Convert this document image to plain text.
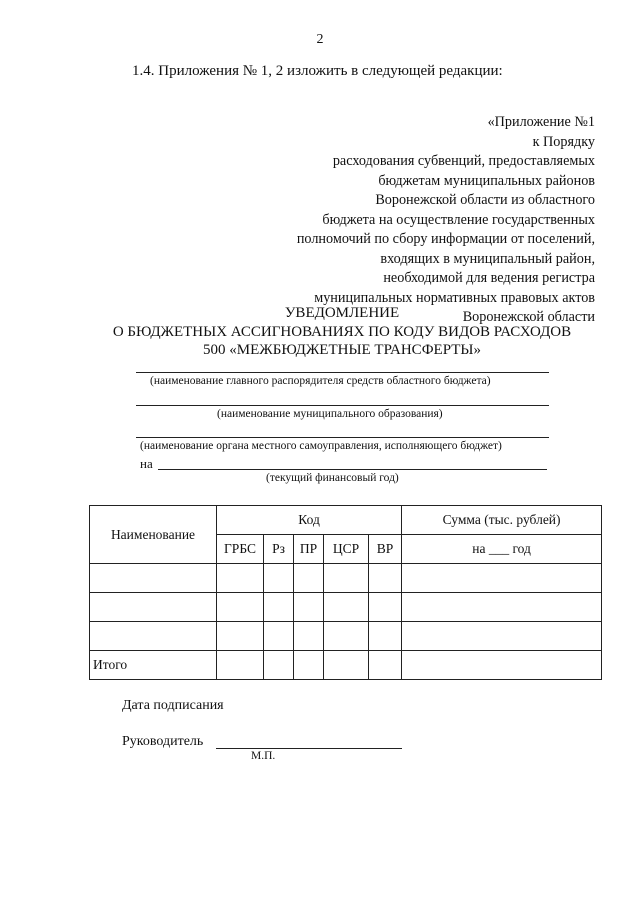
2
1.4. Приложения № 1, 2 изложить в следующей редакции:
«Приложение №1
к Порядку
расходования субвенций, предоставляемых
бюджетам муниципальных районов
Воронежской области из областного
бюджета на осуществление государственных
полномочий по сбору информации от поселений,
входящих в муниципальный район,
необходимой для ведения регистра
муниципальных нормативных правовых актов
Воронежской области
УВЕДОМЛЕНИЕ
О БЮДЖЕТНЫХ АССИГНОВАНИЯХ ПО КОДУ ВИДОВ РАСХОДОВ
500 «МЕЖБЮДЖЕТНЫЕ ТРАНСФЕРТЫ»
(наименование главного распорядителя средств областного бюджета)
(наименование муниципального образования)
(наименование органа местного самоуправления, исполняющего бюджет)
на
(текущий финансовый год)
Наименование	Код					Сумма (тыс. рублей)
	ГРБС	Рз	ПР	ЦСР	ВР	на ___ год

Итого						
Дата подписания
Руководитель
М.П.
